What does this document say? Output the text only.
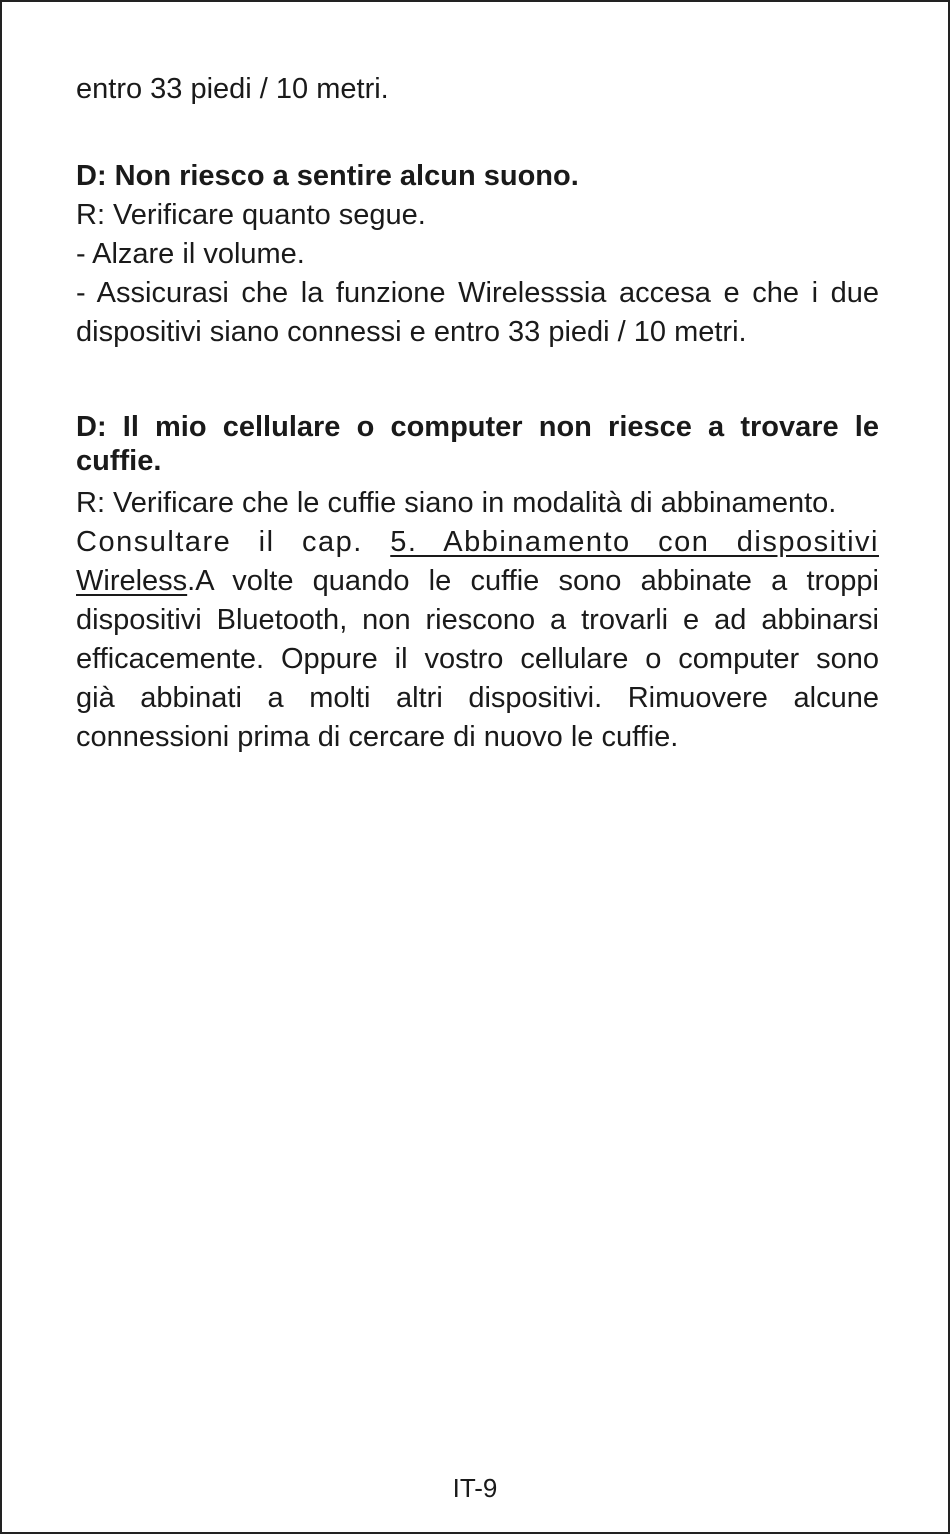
entro 33 piedi / 10 metri.

D: Non riesco a sentire alcun suono.

R: Verificare quanto segue.

- Alzare il volume.

- Assicurasi che la funzione Wirelesssia accesa e che i due

dispositivi siano connessi e entro 33 piedi / 10 metri.

D: Il mio cellulare o computer non riesce a trovare le

cuffie.

R: Verificare che le cuffie siano in modalità di abbinamento.

Consultare il cap. 5. Abbinamento con dispositivi

Wireless.A volte quando le cuffie sono abbinate a troppi

dispositivi Bluetooth, non riescono a trovarli e ad abbinarsi

efficacemente. Oppure il vostro cellulare o computer sono

già abbinati a molti altri dispositivi. Rimuovere alcune

connessioni prima di cercare di nuovo le cuffie.

IT-9
